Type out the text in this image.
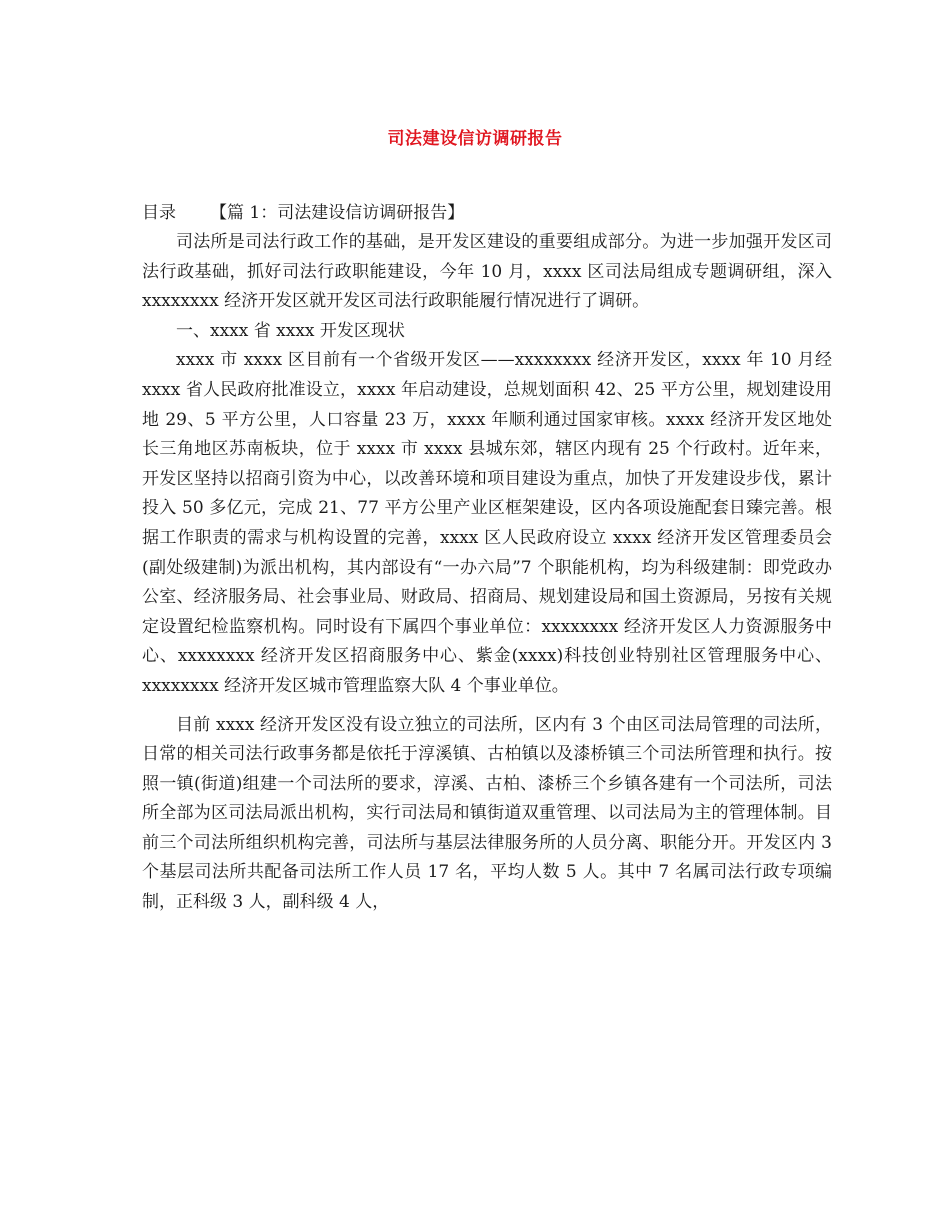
司法建设信访调研报告
目录 【篇 1：司法建设信访调研报告】

司法所是司法行政工作的基础，是开发区建设的重要组成部分。为进一步加强开发区司法行政基础，抓好司法行政职能建设，今年 10 月，xxxx 区司法局组成专题调研组，深入 xxxxxxxx 经济开发区就开发区司法行政职能履行情况进行了调研。

一、xxxx 省 xxxx 开发区现状

xxxx 市 xxxx 区目前有一个省级开发区——xxxxxxxx 经济开发区，xxxx 年 10 月经 xxxx 省人民政府批准设立，xxxx 年启动建设，总规划面积 42、25 平方公里，规划建设用地 29、5 平方公里，人口容量 23 万，xxxx 年顺利通过国家审核。xxxx 经济开发区地处长三角地区苏南板块，位于 xxxx 市 xxxx 县城东郊，辖区内现有 25 个行政村。近年来，开发区坚持以招商引资为中心，以改善环境和项目建设为重点，加快了开发建设步伐，累计投入 50 多亿元，完成 21、77 平方公里产业区框架建设，区内各项设施配套日臻完善。根据工作职责的需求与机构设置的完善，xxxx 区人民政府设立 xxxx 经济开发区管理委员会(副处级建制)为派出机构，其内部设有“一办六局”7 个职能机构，均为科级建制：即党政办公室、经济服务局、社会事业局、财政局、招商局、规划建设局和国土资源局，另按有关规定设置纪检监察机构。同时设有下属四个事业单位：xxxxxxxx 经济开发区人力资源服务中心、xxxxxxxx 经济开发区招商服务中心、紫金(xxxx)科技创业特别社区管理服务中心、xxxxxxxx 经济开发区城市管理监察大队 4 个事业单位。

目前 xxxx 经济开发区没有设立独立的司法所，区内有 3 个由区司法局管理的司法所，日常的相关司法行政事务都是依托于淳溪镇、古柏镇以及漆桥镇三个司法所管理和执行。按照一镇(街道)组建一个司法所的要求，淳溪、古柏、漆桥三个乡镇各建有一个司法所，司法所全部为区司法局派出机构，实行司法局和镇街道双重管理、以司法局为主的管理体制。目前三个司法所组织机构完善，司法所与基层法律服务所的人员分离、职能分开。开发区内 3 个基层司法所共配备司法所工作人员 17 名，平均人数 5 人。其中 7 名属司法行政专项编制，正科级 3 人，副科级 4 人，
